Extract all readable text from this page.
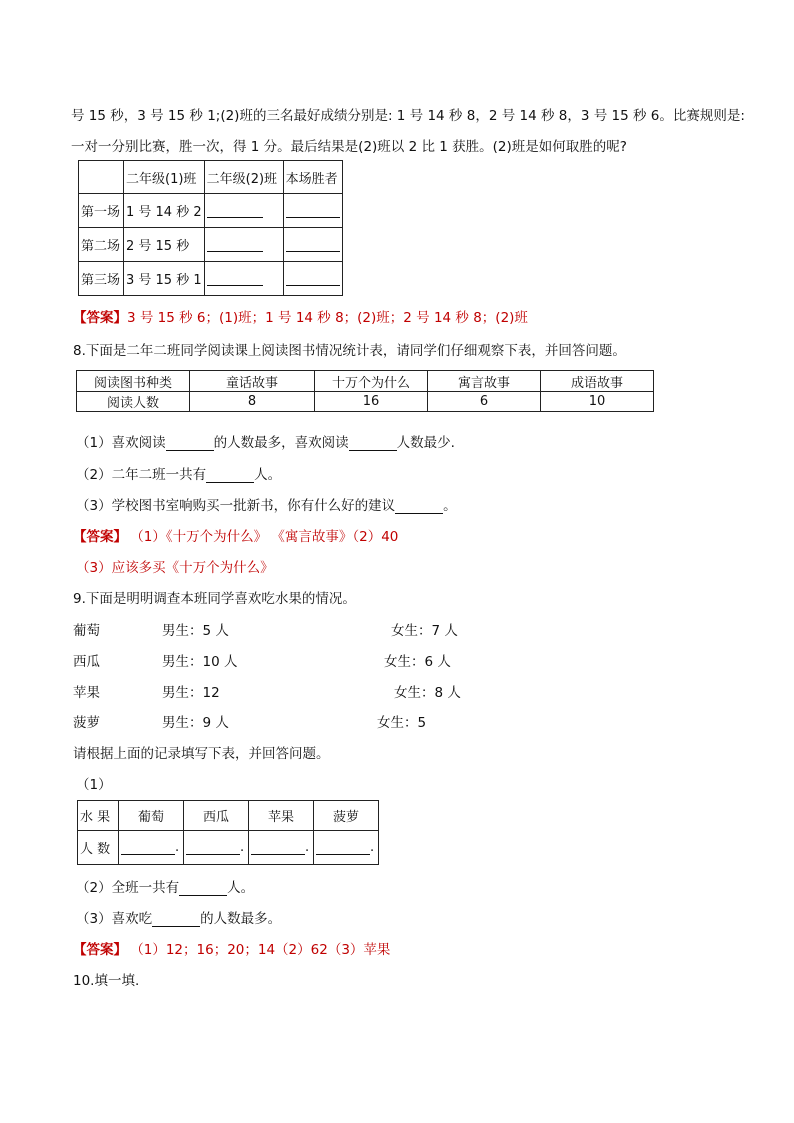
号 15 秒，3 号 15 秒 1;(2)班的三名最好成绩分别是: 1 号 14 秒 8，2 号 14 秒 8，3 号 15 秒 6。比赛规则是:
一对一分别比赛，胜一次，得 1 分。最后结果是(2)班以 2 比 1 获胜。(2)班是如何取胜的呢?
	二年级(1)班	二年级(2)班	本场胜者
第一场	1 号 14 秒 2		
第二场	2 号 15 秒		
第三场	3 号 15 秒 1		
【答案】3 号 15 秒 6；(1)班；1 号 14 秒 8；(2)班；2 号 14 秒 8；(2)班
8.下面是二年二班同学阅读课上阅读图书情况统计表，请同学们仔细观察下表，并回答问题。
阅读图书种类	童话故事	十万个为什么	寓言故事	成语故事
阅读人数	8	16	6	10
（1）喜欢阅读	的人数最多，喜欢阅读	人数最少.
（2）二年二班一共有	人。
（3）学校图书室响购买一批新书，你有什么好的建议	。
【答案】 （1）《十万个为什么》 《寓言故事》（2）40
（3）应该多买《十万个为什么》
9.下面是明明调查本班同学喜欢吃水果的情况。
葡萄	男生：5 人	女生：7 人
西瓜	男生：10 人	女生：6 人
苹果	男生：12	女生：8 人
菠萝	男生：9 人	女生：5
请根据上面的记录填写下表，并回答问题。
（1）
水 果	葡萄	西瓜	苹果	菠萝
人 数	.	.	.	.
（2）全班一共有	人。
（3）喜欢吃	的人数最多。
【答案】 （1）12；16；20；14（2）62（3）苹果
10.填一填.
